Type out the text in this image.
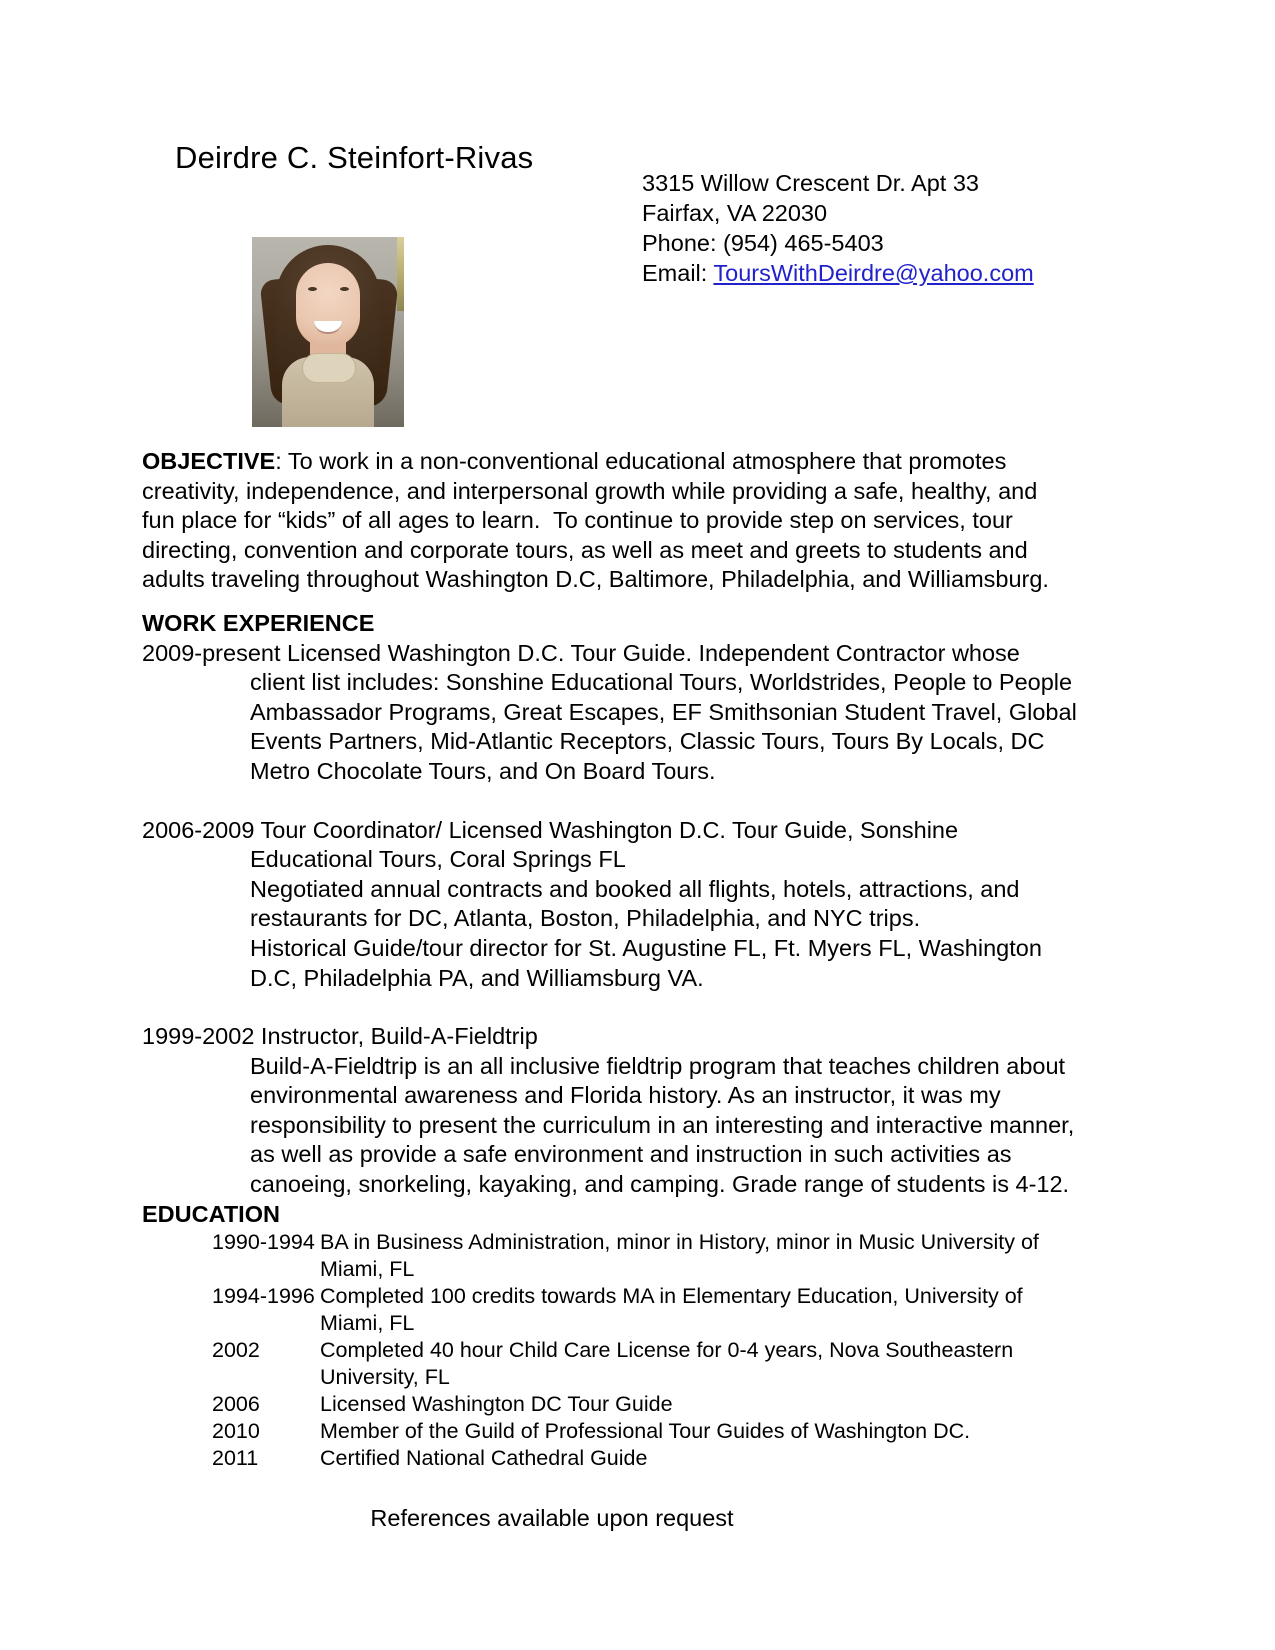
Deirdre C. Steinfort-Rivas
3315 Willow Crescent Dr. Apt 33
Fairfax, VA 22030
Phone: (954) 465-5403
Email: ToursWithDeirdre@yahoo.com

OBJECTIVE: To work in a non-conventional educational atmosphere that promotes creativity, independence, and interpersonal growth while providing a safe, healthy, and  fun place for “kids” of all ages to learn.  To continue to provide step on services, tour directing, convention and corporate tours, as well as meet and greets to students and adults traveling throughout Washington D.C, Baltimore, Philadelphia, and Williamsburg.

WORK EXPERIENCE

2009-present Licensed Washington D.C. Tour Guide. Independent Contractor whose

client list includes: Sonshine Educational Tours, Worldstrides, People to People Ambassador Programs, Great Escapes, EF Smithsonian Student Travel, Global Events Partners, Mid-Atlantic Receptors, Classic Tours, Tours By Locals, DC Metro Chocolate Tours, and On Board Tours.

2006-2009 Tour Coordinator/ Licensed Washington D.C. Tour Guide, Sonshine

Educational Tours, Coral Springs FL

Negotiated annual contracts and booked all flights, hotels, attractions, and restaurants for DC, Atlanta, Boston, Philadelphia, and NYC trips.

Historical Guide/tour director for St. Augustine FL, Ft. Myers FL, Washington D.C, Philadelphia PA, and Williamsburg VA.

1999-2002 Instructor, Build-A-Fieldtrip

Build-A-Fieldtrip is an all inclusive fieldtrip program that teaches children about environmental awareness and Florida history. As an instructor, it was my responsibility to present the curriculum in an interesting and interactive manner, as well as provide a safe environment and instruction in such activities as canoeing, snorkeling, kayaking, and camping. Grade range of students is 4-12.

EDUCATION

1990-1994	BA in Business Administration, minor in History, minor in Music University of Miami, FL
1994-1996	Completed 100 credits towards MA in Elementary Education, University of Miami, FL
2002	Completed 40 hour Child Care License for 0-4 years, Nova Southeastern University, FL
2006	Licensed Washington DC Tour Guide
2010	Member of the Guild of Professional Tour Guides of Washington DC.
2011	Certified National Cathedral Guide

References available upon request
